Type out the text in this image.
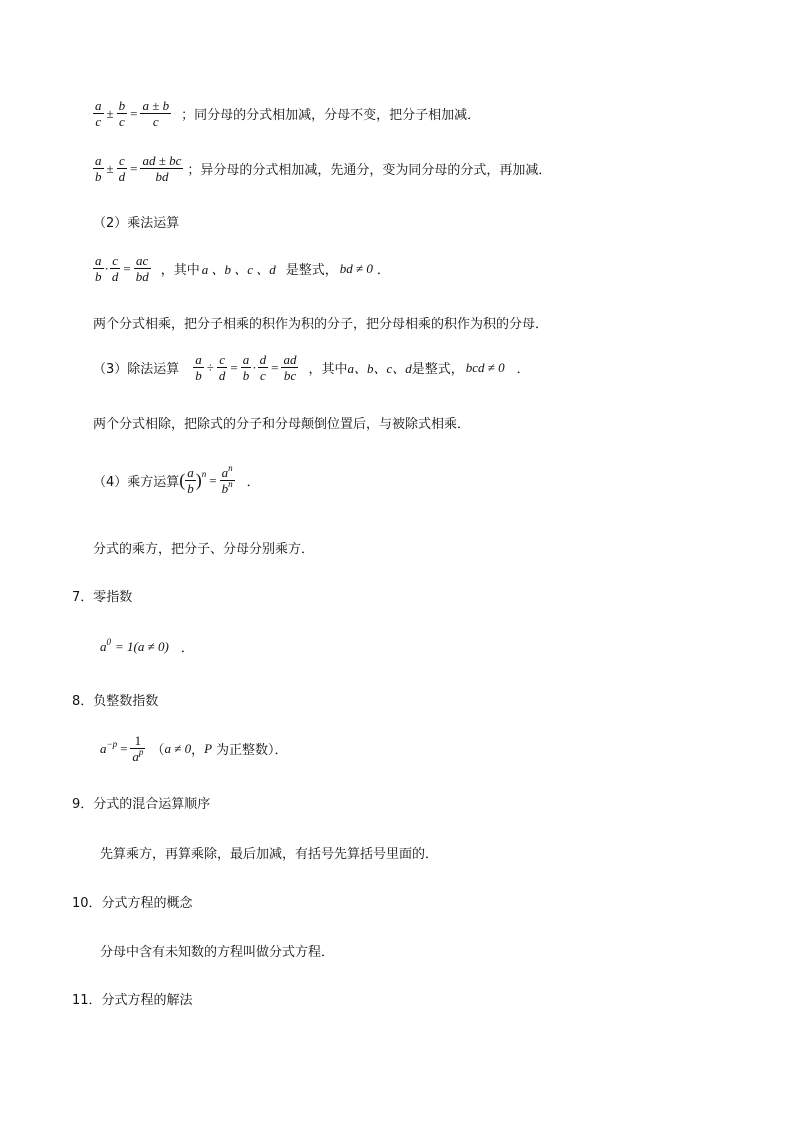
$\frac{a}{c} \pm \frac{b}{c} = \frac{a \pm b}{c}$ ；同分母的分式相加减，分母不变，把分子相加减．
$\frac{a}{b} \pm \frac{c}{d} = \frac{ad \pm bc}{bd}$ ；异分母的分式相加减，先通分，变为同分母的分式，再加减．
（2）乘法运算
$\frac{a}{b} \cdot \frac{c}{d} = \frac{ac}{bd}$ ，其中 a 、b 、c 、d 是整式， bd ≠ 0 ．
两个分式相乘，把分子相乘的积作为积的分子，把分母相乘的积作为积的分母．
（3）除法运算 $\frac{a}{b} \div \frac{c}{d} = \frac{a}{b} \cdot \frac{d}{c} = \frac{ad}{bc}$ ，其中 a、b、c、d 是整式， bcd ≠ 0 ．
两个分式相除，把除式的分子和分母颠倒位置后，与被除式相乘．
（4）乘方运算 ( $\frac{a}{b}$ ) $n = \frac{a^n}{b^n}$ ．
分式的乘方，把分子、分母分别乘方．
7．零指数
$a^0 = 1(a \ne 0)$ ．
8．负整数指数
$a^{-p} = \frac{1}{a^p}$ （ a ≠ 0 ， P 为正整数）．
9．分式的混合运算顺序
先算乘方，再算乘除，最后加减，有括号先算括号里面的．
10．分式方程的概念
分母中含有未知数的方程叫做分式方程．
11．分式方程的解法
